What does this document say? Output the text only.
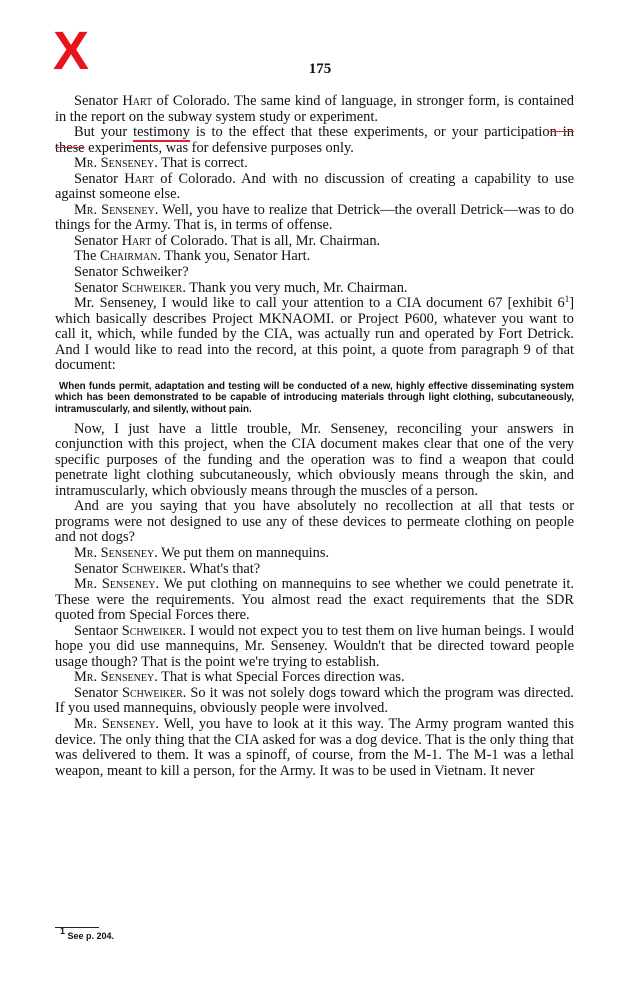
X	175

Senator Hart of Colorado. The same kind of language, in stronger form, is contained in the report on the subway system study or experiment.

But your testimony is to the effect that these experiments, or your participation in these experiments, was for defensive purposes only.

Mr. Senseney. That is correct.

Senator Hart of Colorado. And with no discussion of creating a capability to use against someone else.

Mr. Senseney. Well, you have to realize that Detrick—the overall Detrick—was to do things for the Army. That is, in terms of offense.

Senator Hart of Colorado. That is all, Mr. Chairman.

The Chairman. Thank you, Senator Hart.

Senator Schweiker?

Senator Schweiker. Thank you very much, Mr. Chairman.

Mr. Senseney, I would like to call your attention to a CIA document 67 [exhibit $6^1$] which basically describes Project MKNAOMI. or Project P600, whatever you want to call it, which, while funded by the CIA, was actually run and operated by Fort Detrick. And I would like to read into the record, at this point, a quote from paragraph 9 of that document:

When funds permit, adaptation and testing will be conducted of a new, highly effective disseminating system which has been demonstrated to be capable of introducing materials through light clothing, subcutaneously, intramuscularly, and silently, without pain.

Now, I just have a little trouble, Mr. Senseney, reconciling your answers in conjunction with this project, when the CIA document makes clear that one of the very specific purposes of the funding and the operation was to find a weapon that could penetrate light clothing subcutaneously, which obviously means through the skin, and intramuscularly, which obviously means through the muscles of a person.

And are you saying that you have absolutely no recollection at all that tests or programs were not designed to use any of these devices to permeate clothing on people and not dogs?

Mr. Senseney. We put them on mannequins.

Senator Schweiker. What's that?

Mr. Senseney. We put clothing on mannequins to see whether we could penetrate it. These were the requirements. You almost read the exact requirements that the SDR quoted from Special Forces there.

Sentaor Schweiker. I would not expect you to test them on live human beings. I would hope you did use mannequins, Mr. Senseney. Wouldn't that be directed toward people usage though? That is the point we're trying to establish.

Mr. Senseney. That is what Special Forces direction was.

Senator Schweiker. So it was not solely dogs toward which the program was directed. If you used mannequins, obviously people were involved.

Mr. Senseney. Well, you have to look at it this way. The Army program wanted this device. The only thing that the CIA asked for was a dog device. That is the only thing that was delivered to them. It was a spinoff, of course, from the M-1. The M-1 was a lethal weapon, meant to kill a person, for the Army. It was to be used in Vietnam. It never

$^1$ See p. 204.
